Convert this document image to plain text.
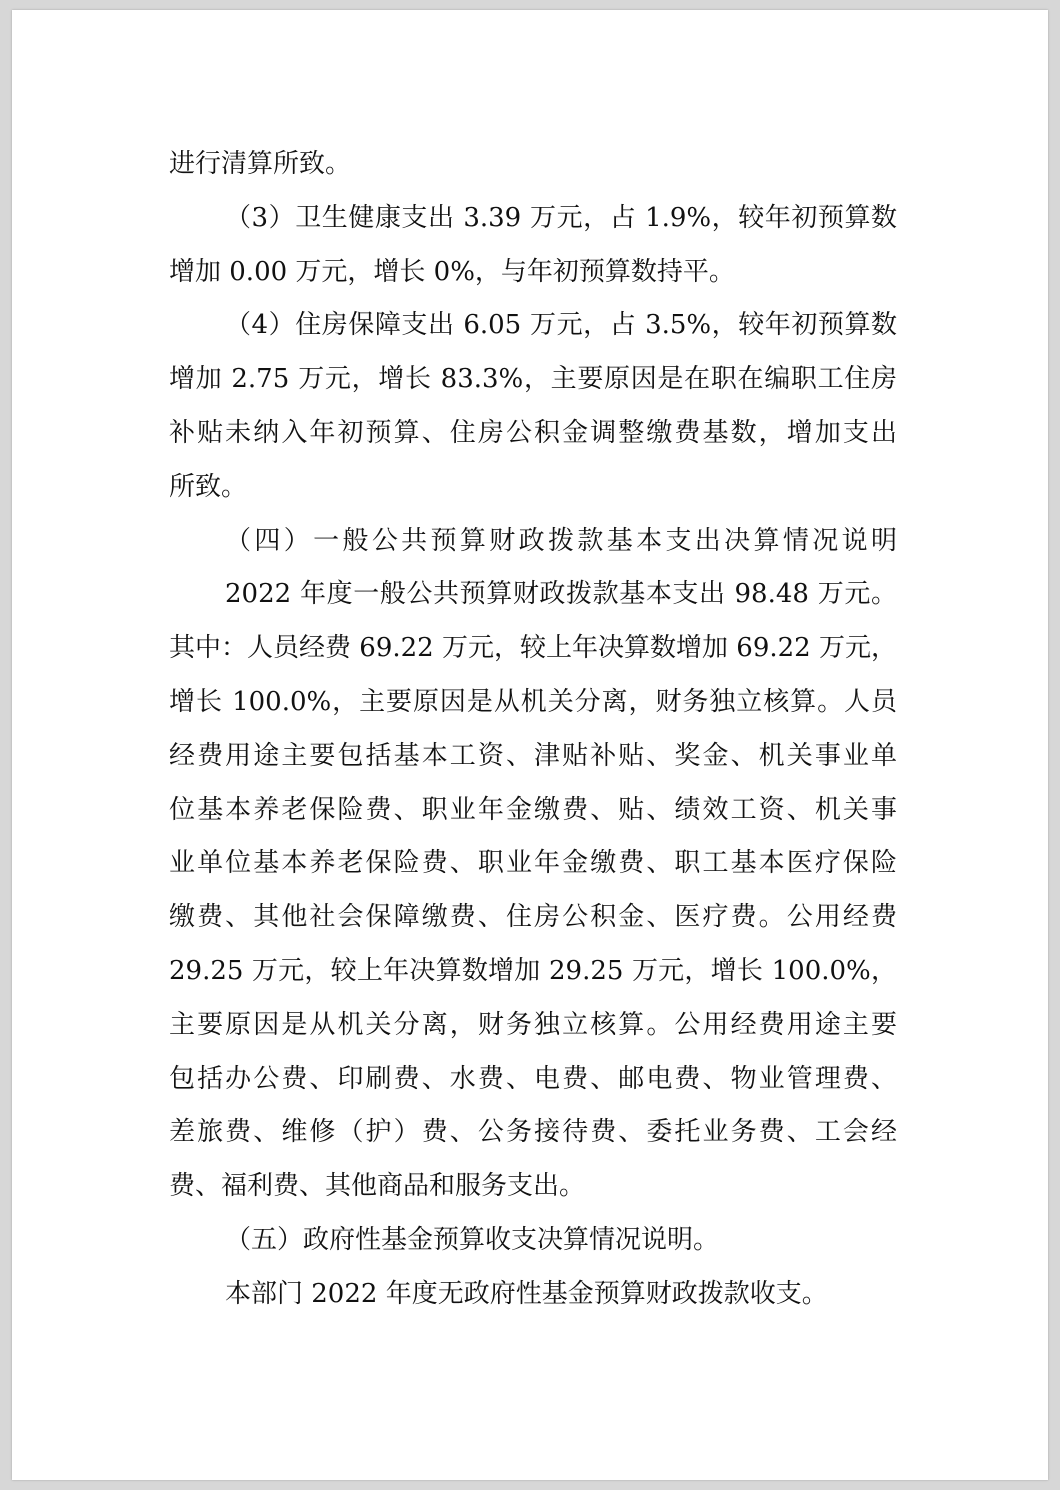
进行清算所致。
（3）卫生健康支出 3.39 万元，占 1.9%，较年初预算数
增加 0.00 万元，增长 0%，与年初预算数持平。
（4）住房保障支出 6.05 万元，占 3.5%，较年初预算数
增加 2.75 万元，增长 83.3%，主要原因是在职在编职工住房
补贴未纳入年初预算、住房公积金调整缴费基数，增加支出
所致。
（四）一般公共预算财政拨款基本支出决算情况说明
2022 年度一般公共预算财政拨款基本支出 98.48 万元。
其中：人员经费 69.22 万元，较上年决算数增加 69.22 万元，
增长 100.0%，主要原因是从机关分离，财务独立核算。人员
经费用途主要包括基本工资、津贴补贴、奖金、机关事业单
位基本养老保险费、职业年金缴费、贴、绩效工资、机关事
业单位基本养老保险费、职业年金缴费、职工基本医疗保险
缴费、其他社会保障缴费、住房公积金、医疗费。公用经费
29.25 万元，较上年决算数增加 29.25 万元，增长 100.0%，
主要原因是从机关分离，财务独立核算。公用经费用途主要
包括办公费、印刷费、水费、电费、邮电费、物业管理费、
差旅费、维修（护）费、公务接待费、委托业务费、工会经
费、福利费、其他商品和服务支出。
（五）政府性基金预算收支决算情况说明。
本部门 2022 年度无政府性基金预算财政拨款收支。
